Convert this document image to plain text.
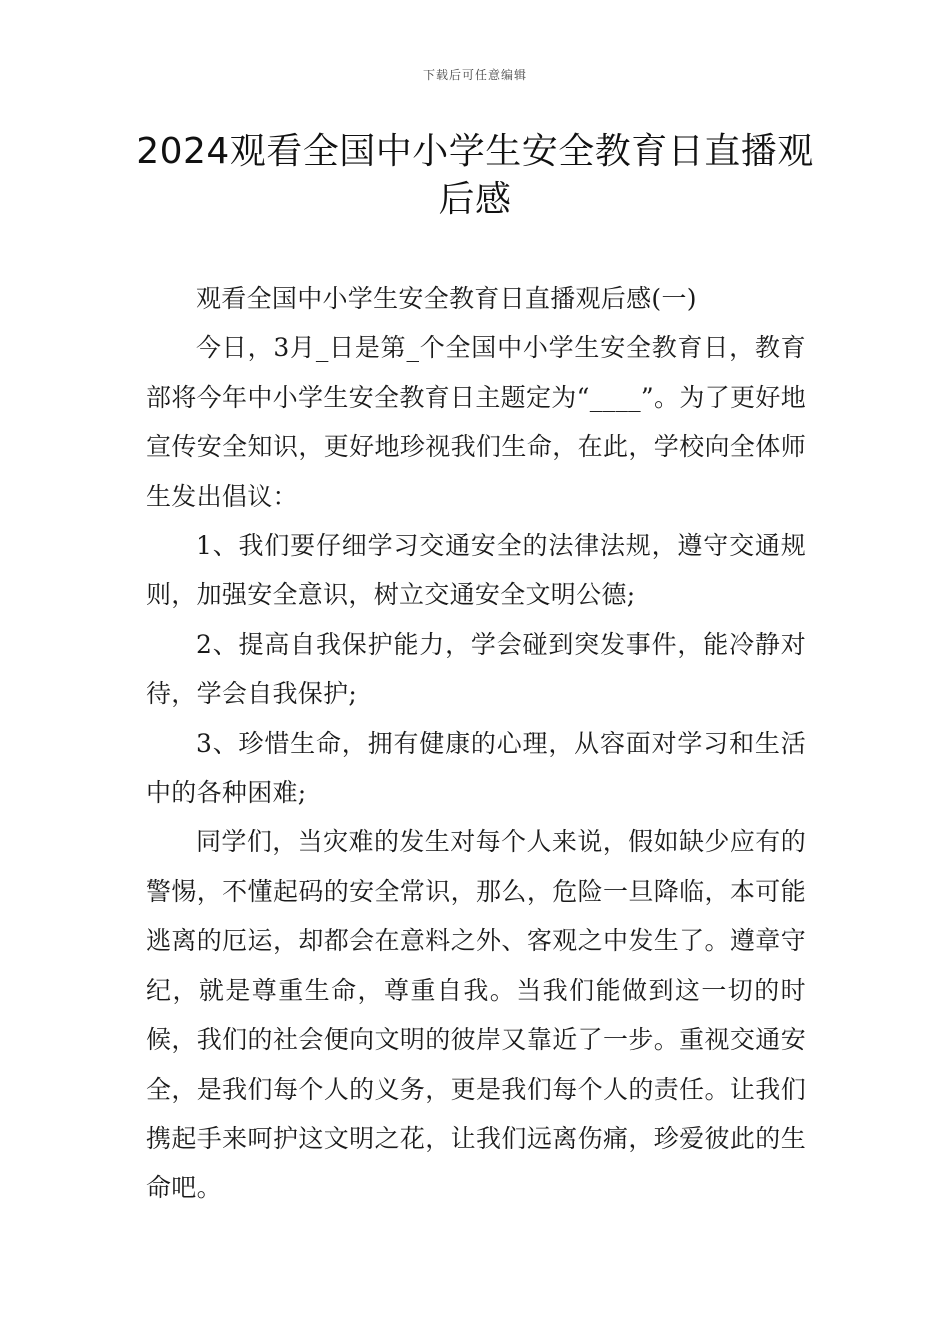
下载后可任意编辑
2024观看全国中小学生安全教育日直播观后感

观看全国中小学生安全教育日直播观后感(一)

今日，3月_日是第_个全国中小学生安全教育日，教育部将今年中小学生安全教育日主题定为“____”。为了更好地宣传安全知识，更好地珍视我们生命，在此，学校向全体师生发出倡议：

1、我们要仔细学习交通安全的法律法规，遵守交通规则，加强安全意识，树立交通安全文明公德;

2、提高自我保护能力，学会碰到突发事件，能冷静对待，学会自我保护;

3、珍惜生命，拥有健康的心理，从容面对学习和生活中的各种困难;

同学们，当灾难的发生对每个人来说，假如缺少应有的警惕，不懂起码的安全常识，那么，危险一旦降临，本可能逃离的厄运，却都会在意料之外、客观之中发生了。遵章守纪，就是尊重生命，尊重自我。当我们能做到这一切的时候，我们的社会便向文明的彼岸又靠近了一步。重视交通安全，是我们每个人的义务，更是我们每个人的责任。让我们携起手来呵护这文明之花，让我们远离伤痛，珍爱彼此的生命吧。
